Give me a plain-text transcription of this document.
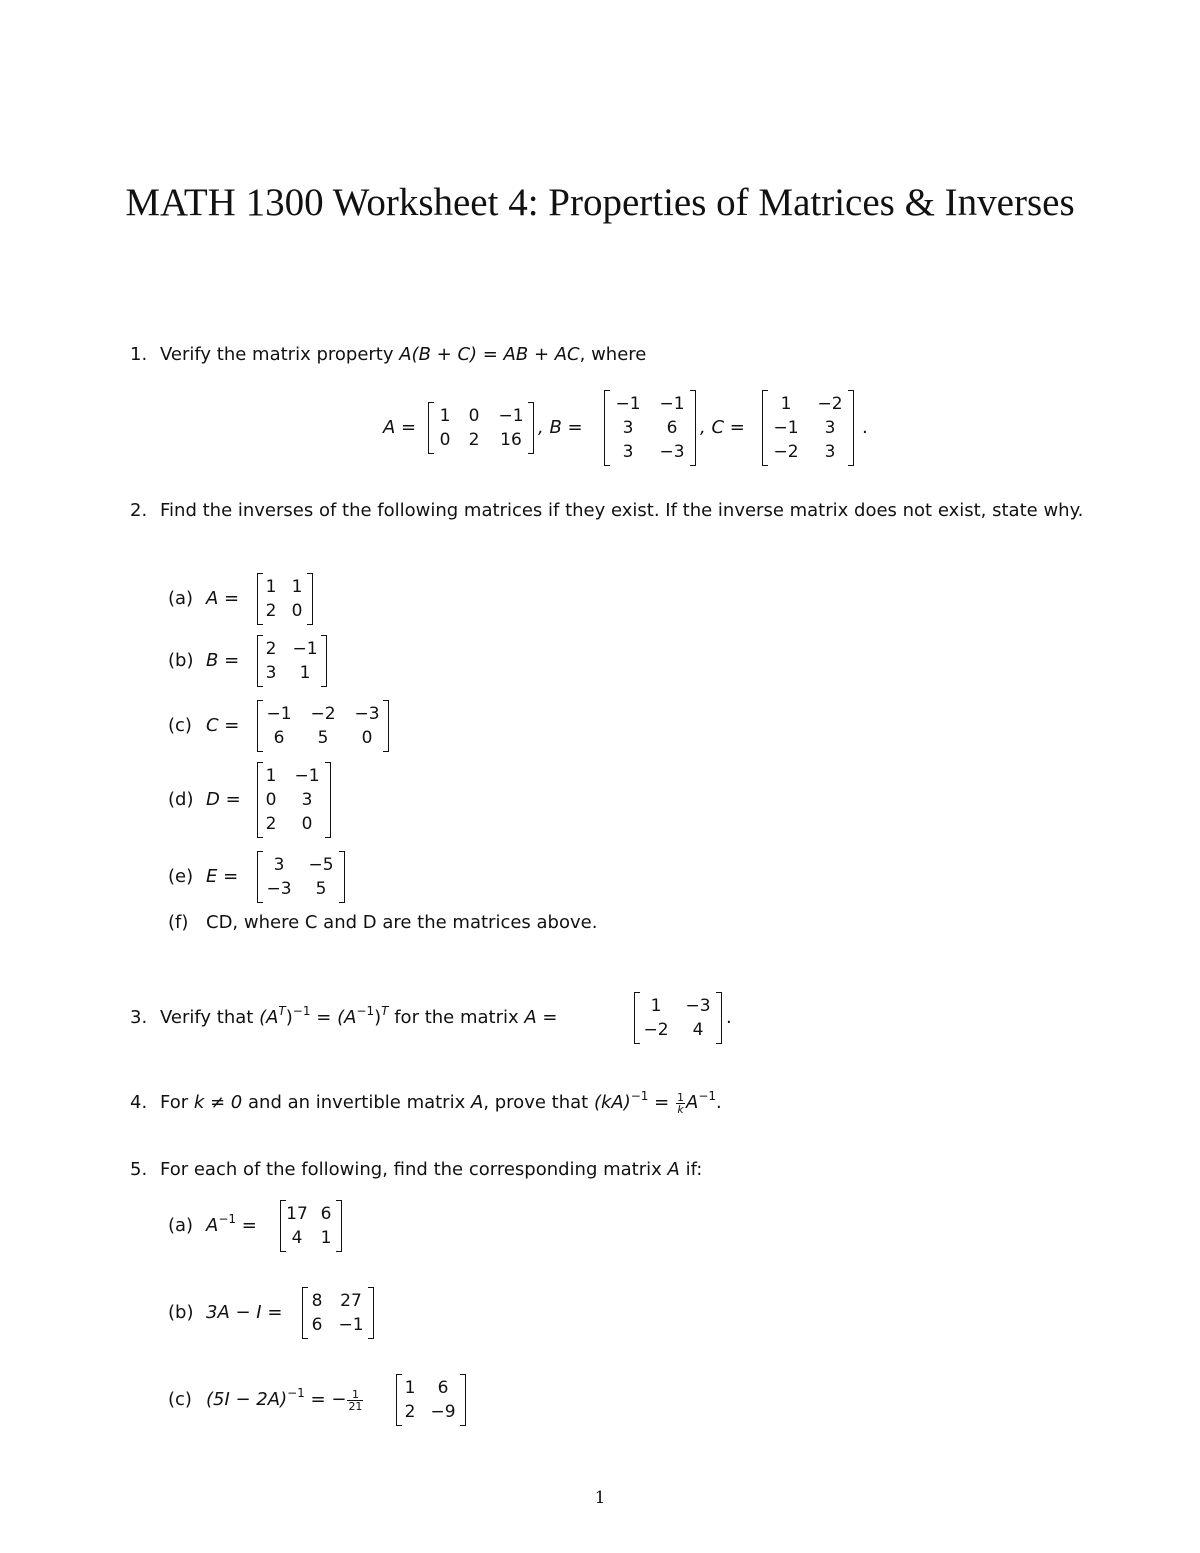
MATH 1300 Worksheet 4: Properties of Matrices & Inverses
1. Verify the matrix property A(B + C) = AB + AC, where
A =
1	0	−1
0	2	16
, B =
−1	−1
3	6
3	−3
, C =
1	−2
−1	3
−2	3
.
2. Find the inverses of the following matrices if they exist. If the inverse matrix does not exist, state why.
(a) A =
1 1
2 0
(b) B =
2 −1
3	1
(c) C =
−1	−2	−3
6	5	0
(d) D =
1 −1
0	3
2	0
(e) E =
3	−5
−3	5
(f) CD, where C and D are the matrices above.
3. Verify that $(A^T)^{-1} = (A^{-1})^T$ for the matrix A =
1	−3
−2	4
.
4. For k ≠ 0 and an invertible matrix A, prove that $(kA)^{-1} = \frac{1}{k} A^{-1}$.
5. For each of the following, find the corresponding matrix A if:
(a) $A^{-1}$ =
17 6
4	1
(b) 3A − I =
8	27
6 −1
(c) $(5I - 2A)^{-1}$ = − $\frac{1}{21}$
1	6
2 −9
1
